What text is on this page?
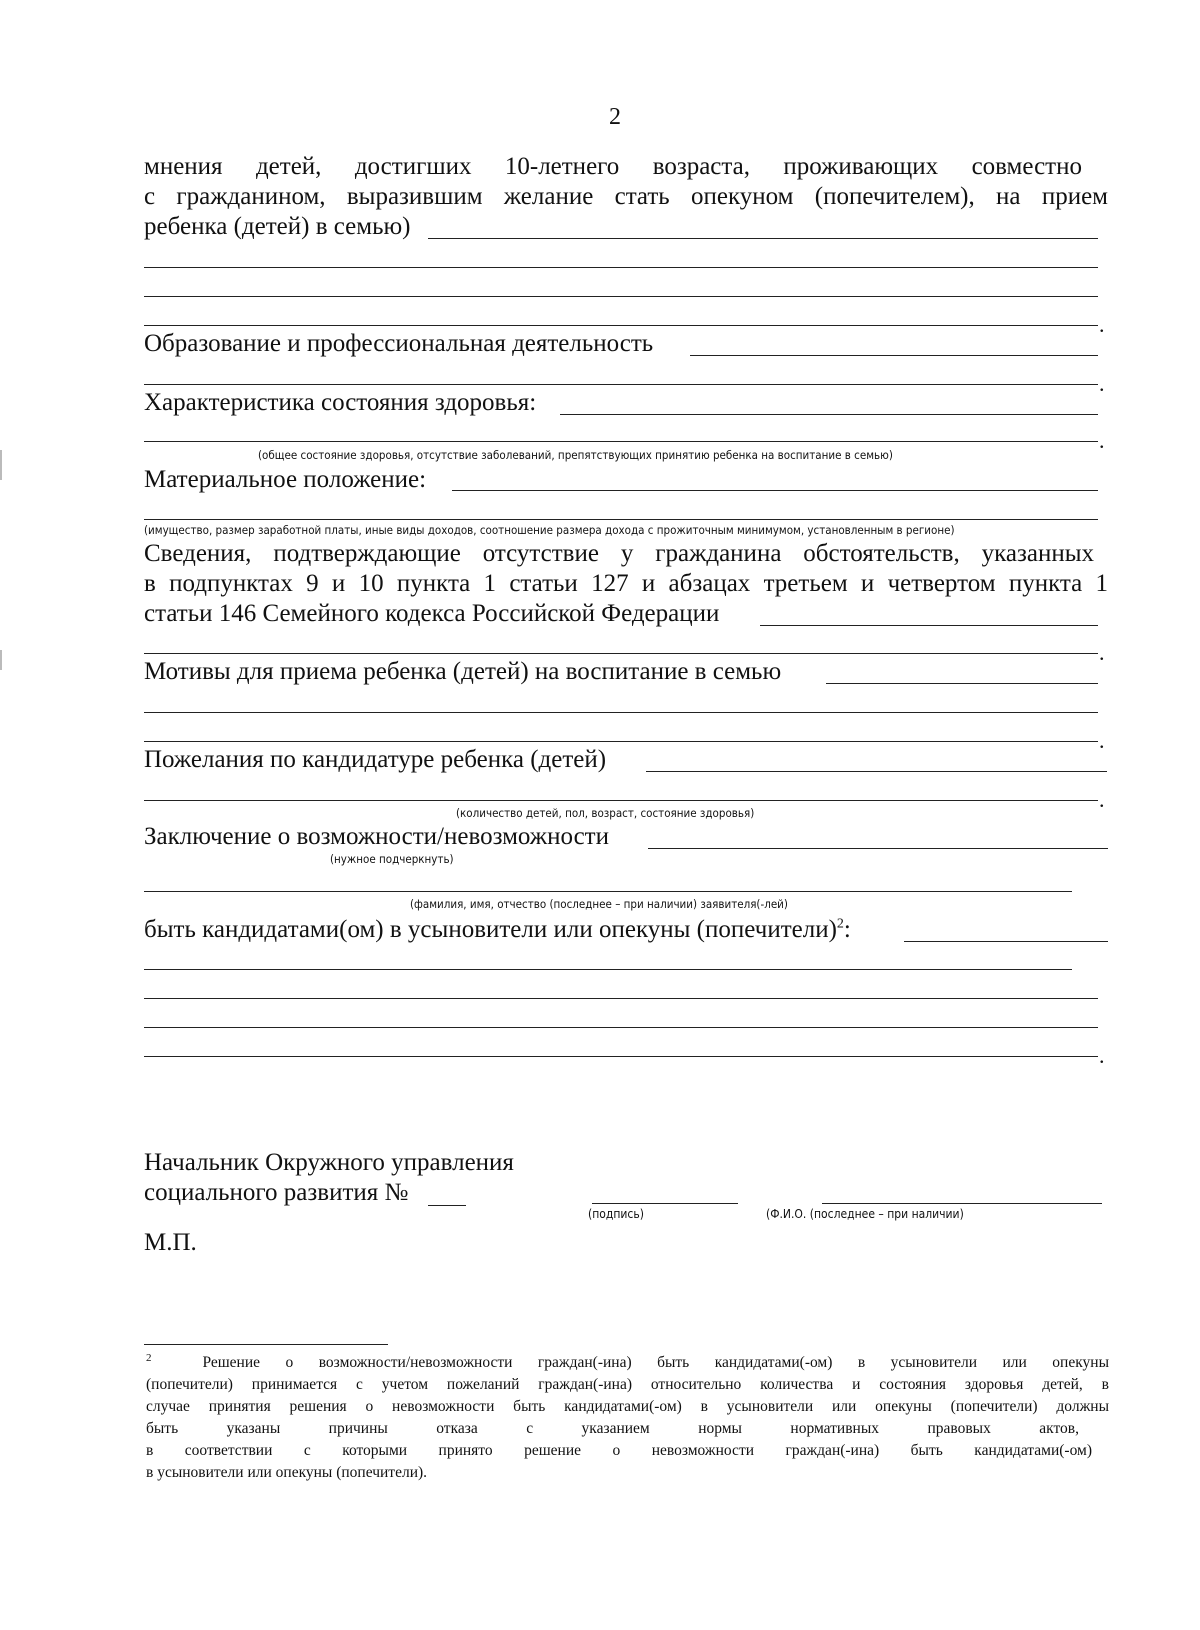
2
мнения детей, достигших 10-летнего возраста, проживающих совместно
с гражданином, выразившим желание стать опекуном (попечителем), на прием
ребенка (детей) в семью)
.
Образование и профессиональная деятельность
.
Характеристика состояния здоровья:
.
(общее состояние здоровья, отсутствие заболеваний, препятствующих принятию ребенка на воспитание в семью)
Материальное положение:
(имущество, размер заработной платы, иные виды доходов, соотношение размера дохода с прожиточным минимумом, установленным в регионе)
Сведения, подтверждающие отсутствие у гражданина обстоятельств, указанных
в подпунктах 9 и 10 пункта 1 статьи 127 и абзацах третьем и четвертом пункта 1
статьи 146 Семейного кодекса Российской Федерации
.
Мотивы для приема ребенка (детей) на воспитание в семью
.
Пожелания по кандидатуре ребенка (детей)
.
(количество детей, пол, возраст, состояние здоровья)
Заключение о возможности/невозможности
(нужное подчеркнуть)
(фамилия, имя, отчество (последнее – при наличии) заявителя(-лей)
быть кандидатами(ом) в усыновители или опекуны (попечители)$^2$:
.
Начальник Окружного управления
социального развития №
(подпись)	(Ф.И.О. (последнее – при наличии)
М.П.
$^2$	Решение о возможности/невозможности граждан(-ина) быть кандидатами(-ом) в усыновители или опекуны
(попечители) принимается с учетом пожеланий граждан(-ина) относительно количества и состояния здоровья детей, в
случае принятия решения о невозможности быть кандидатами(-ом) в усыновители или опекуны (попечители) должны
быть указаны причины отказа с указанием нормы нормативных правовых актов,
в соответствии с которыми принято решение о невозможности граждан(-ина) быть кандидатами(-ом)
в усыновители или опекуны (попечители).
